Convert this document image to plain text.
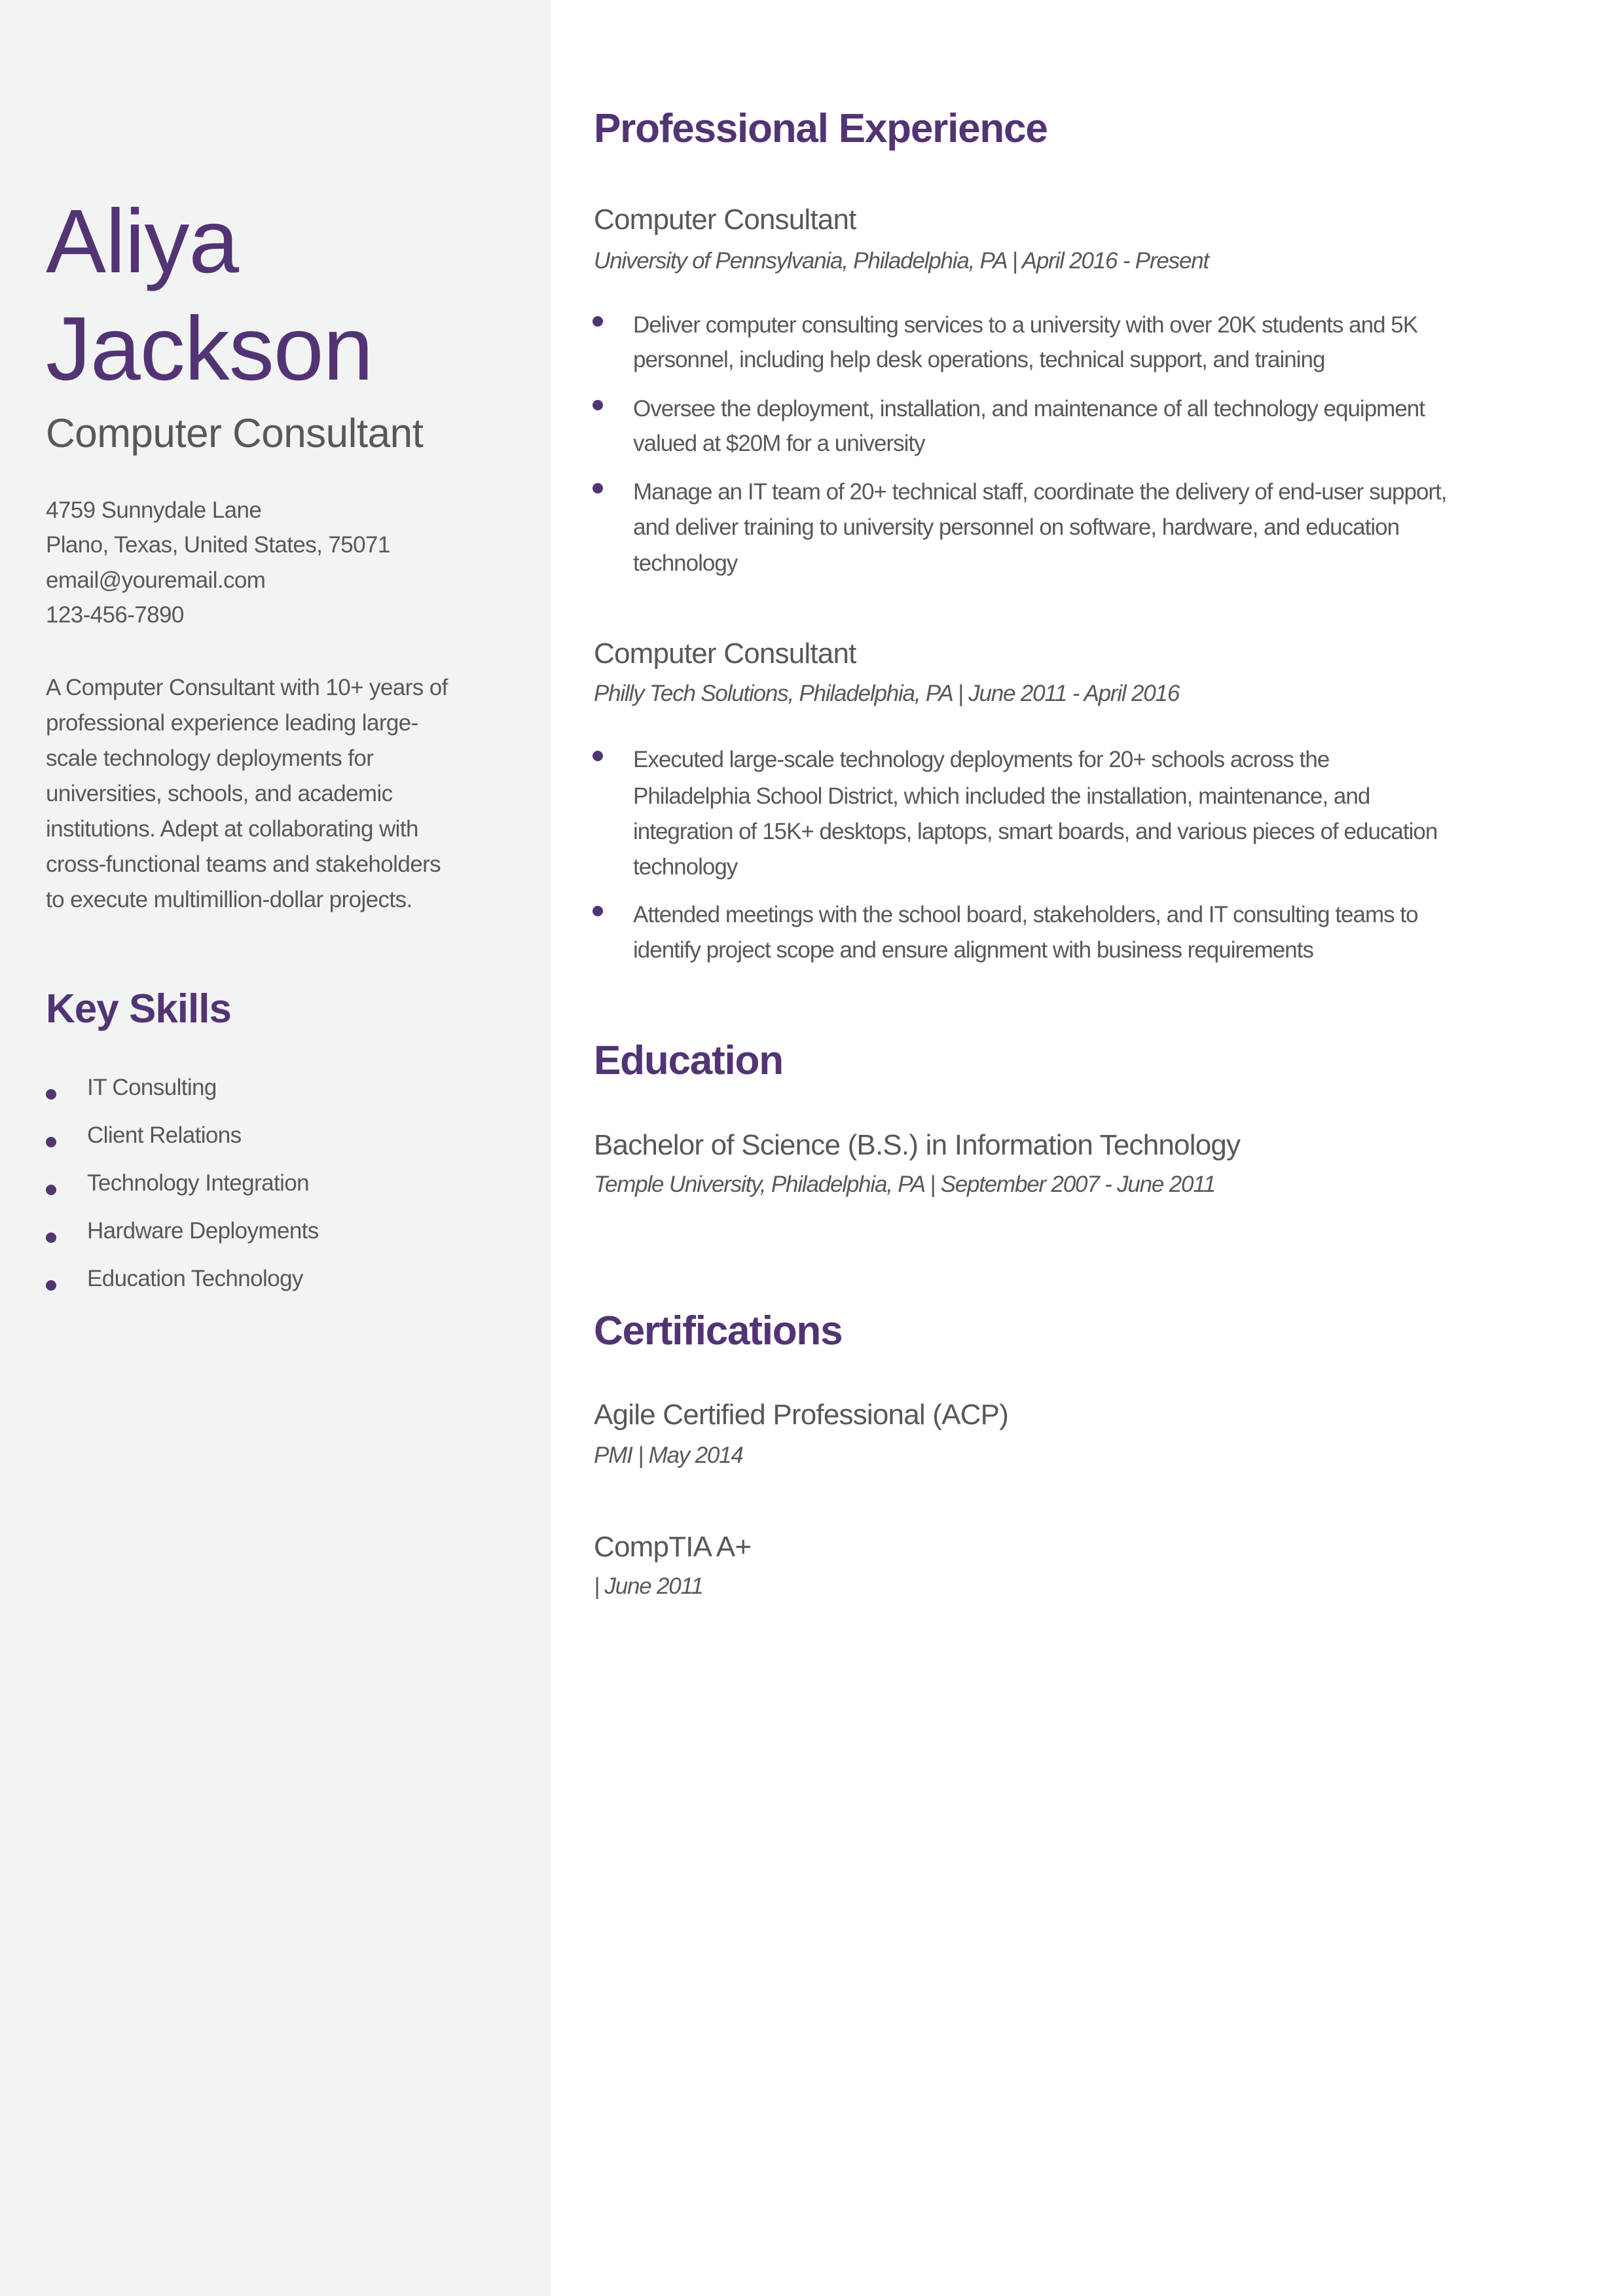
Aliya
Jackson
Computer Consultant
4759 Sunnydale Lane
Plano, Texas, United States, 75071
email@youremail.com
123-456-7890
A Computer Consultant with 10+ years of
professional experience leading large-
scale technology deployments for
universities, schools, and academic
institutions. Adept at collaborating with
cross-functional teams and stakeholders
to execute multimillion-dollar projects.
Key Skills
IT Consulting
Client Relations
Technology Integration
Hardware Deployments
Education Technology
Professional Experience
Computer Consultant
University of Pennsylvania, Philadelphia, PA | April 2016 - Present
Deliver computer consulting services to a university with over 20K students and 5K
personnel, including help desk operations, technical support, and training
Oversee the deployment, installation, and maintenance of all technology equipment
valued at $20M for a university
Manage an IT team of 20+ technical staff, coordinate the delivery of end-user support,
and deliver training to university personnel on software, hardware, and education
technology
Computer Consultant
Philly Tech Solutions, Philadelphia, PA | June 2011 - April 2016
Executed large-scale technology deployments for 20+ schools across the
Philadelphia School District, which included the installation, maintenance, and
integration of 15K+ desktops, laptops, smart boards, and various pieces of education
technology
Attended meetings with the school board, stakeholders, and IT consulting teams to
identify project scope and ensure alignment with business requirements
Education
Bachelor of Science (B.S.) in Information Technology
Temple University, Philadelphia, PA | September 2007 - June 2011
Certifications
Agile Certified Professional (ACP)
PMI | May 2014
CompTIA A+
| June 2011
